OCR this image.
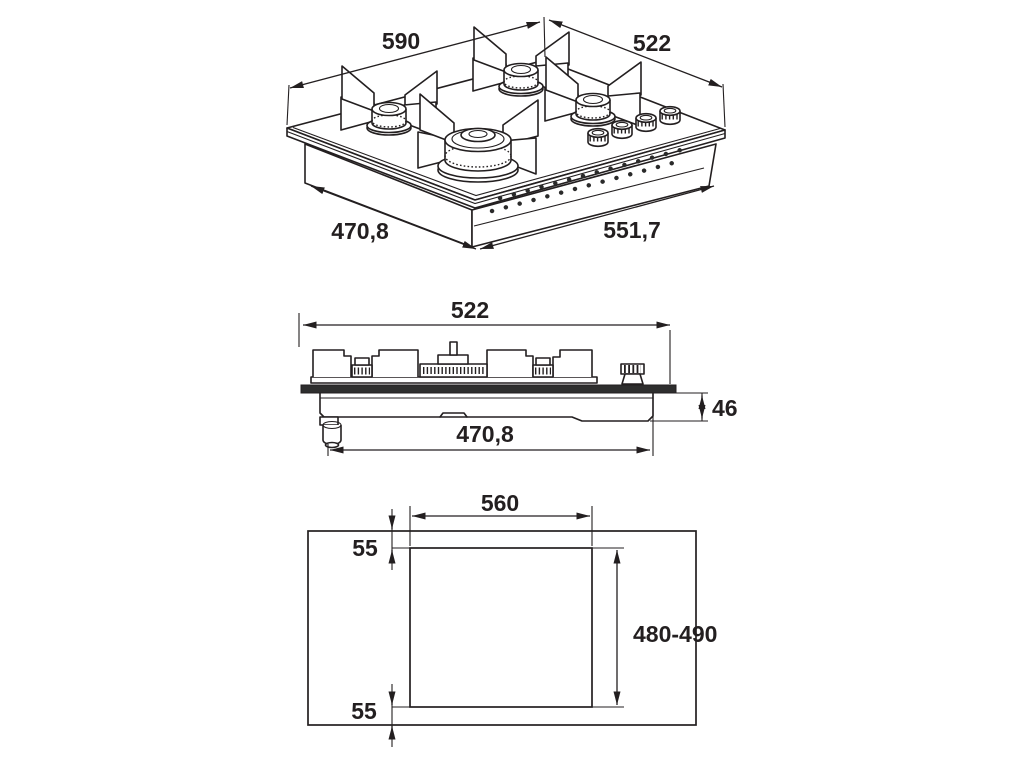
590	522
470,8	551,7
522
46
470,8
560
55
55
480-490
